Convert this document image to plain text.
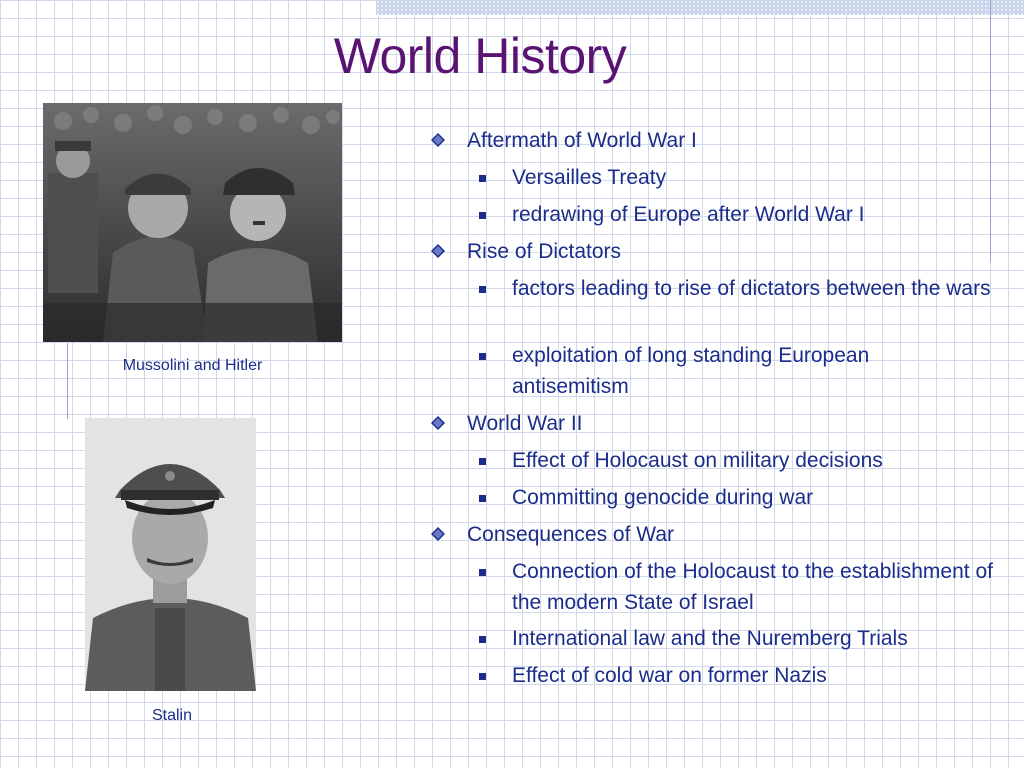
World History
Mussolini and Hitler
Stalin
Aftermath of World War I
Versailles Treaty
redrawing of Europe after World War I
Rise of Dictators
factors leading to rise of dictators between the wars
exploitation of long standing European antisemitism
World War II
Effect of Holocaust on military decisions
Committing genocide during war
Consequences of War
Connection of the Holocaust to the establishment of the modern State of Israel
International law and the Nuremberg Trials
Effect of cold war on former Nazis
